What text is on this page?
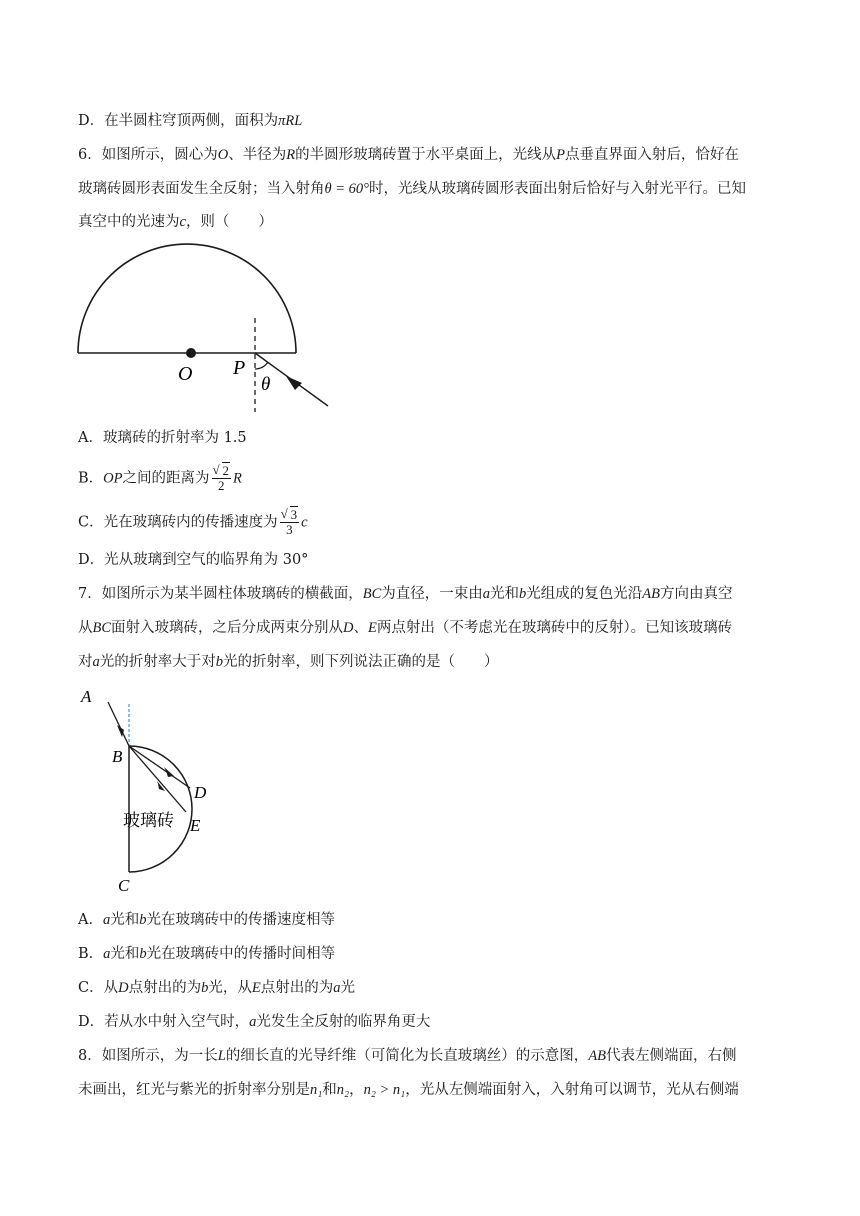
D．在半圆柱穹顶两侧，面积为πRL
6．如图所示，圆心为O、半径为R的半圆形玻璃砖置于水平桌面上，光线从P点垂直界面入射后，恰好在
玻璃砖圆形表面发生全反射；当入射角θ = 60°时，光线从玻璃砖圆形表面出射后恰好与入射光平行。已知
真空中的光速为c，则（　　）
O P
θ
A．玻璃砖的折射率为 1.5
B．OP之间的距离为 √ $\frac{2}{2}$ R
C．光在玻璃砖内的传播速度为 √ $\frac{3}{3}$ c
D．光从玻璃到空气的临界角为 30°
7．如图所示为某半圆柱体玻璃砖的横截面，BC为直径，一束由a光和b光组成的复色光沿AB方向由真空
从BC面射入玻璃砖，之后分成两束分别从D、E两点射出（不考虑光在玻璃砖中的反射）。已知该玻璃砖
对a光的折射率大于对b光的折射率，则下列说法正确的是（　　）
A
B
C
D
E
玻璃砖
A．a光和b光在玻璃砖中的传播速度相等
B．a光和b光在玻璃砖中的传播时间相等
C．从D点射出的为b光，从E点射出的为a光
D．若从水中射入空气时，a光发生全反射的临界角更大
8．如图所示，为一长L的细长直的光导纤维（可简化为长直玻璃丝）的示意图，AB代表左侧端面，右侧
未画出，红光与紫光的折射率分别是n₁和n₂，n₂ > n₁，光从左侧端面射入，入射角可以调节，光从右侧端
